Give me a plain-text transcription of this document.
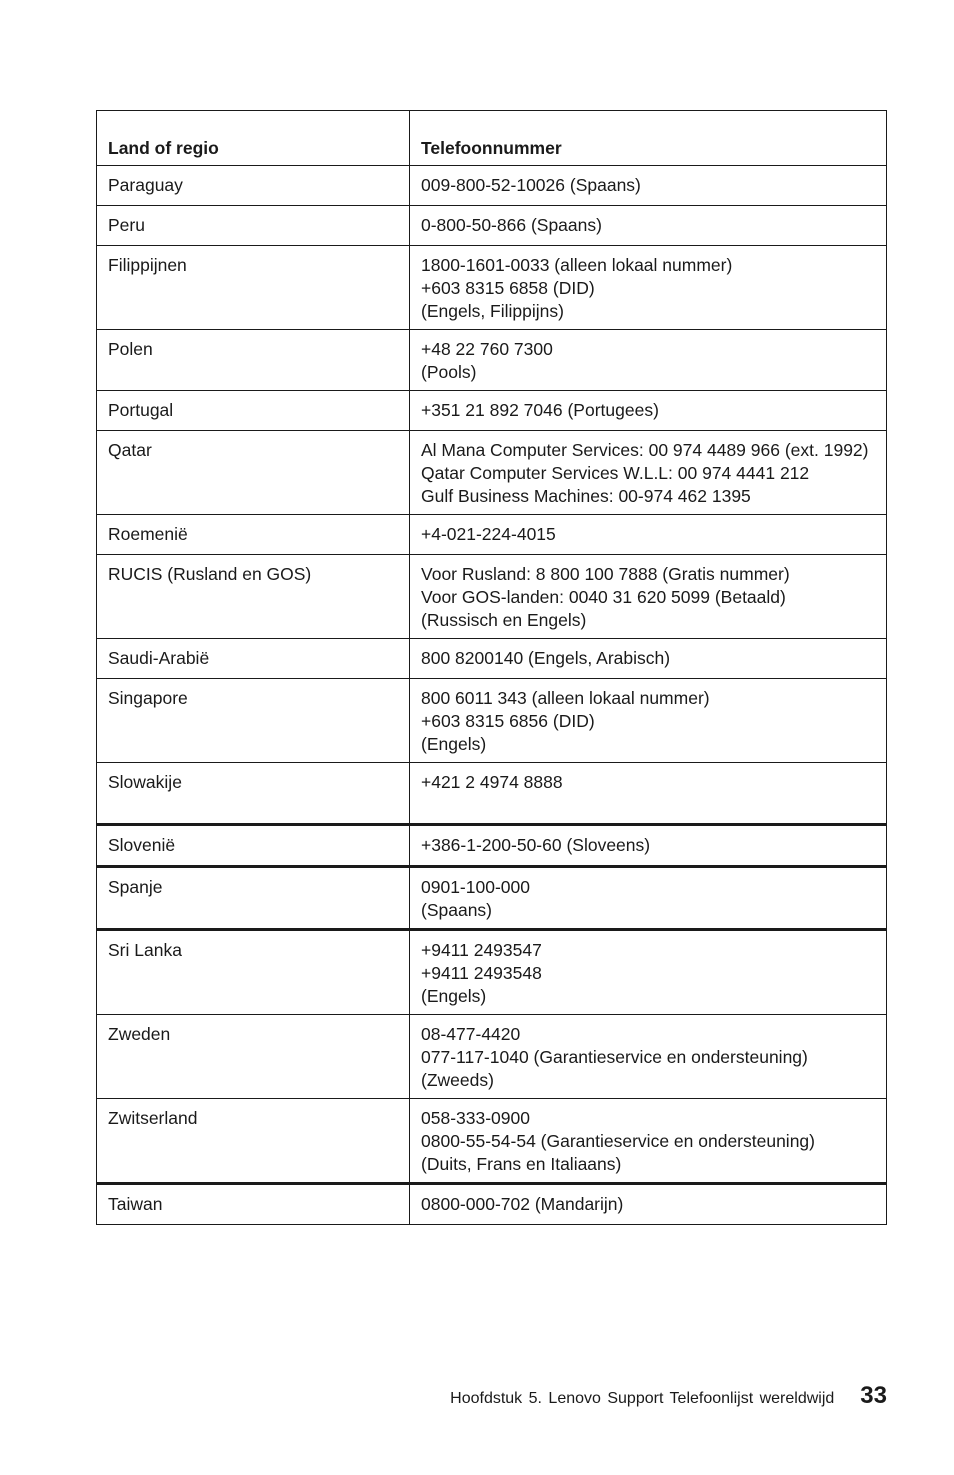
Land of regio	Telefoonnummer
Paraguay	009-800-52-10026 (Spaans)

Peru	0-800-50-866 (Spaans)

Filippijnen	1800-1601-0033 (alleen lokaal nummer)
+603 8315 6858 (DID)
(Engels, Filippijns)

Polen	+48 22 760 7300
(Pools)

Portugal	+351 21 892 7046 (Portugees)

Qatar	Al Mana Computer Services: 00 974 4489 966 (ext. 1992)
Qatar Computer Services W.L.L: 00 974 4441 212
Gulf Business Machines: 00-974 462 1395

Roemenië	+4-021-224-4015

RUCIS (Rusland en GOS)	Voor Rusland: 8 800 100 7888 (Gratis nummer)
Voor GOS-landen: 0040 31 620 5099 (Betaald)
(Russisch en Engels)

Saudi-Arabië	800 8200140 (Engels, Arabisch)

Singapore	800 6011 343 (alleen lokaal nummer)
+603 8315 6856 (DID)
(Engels)

Slowakije	+421 2 4974 8888

Slovenië	+386-1-200-50-60 (Sloveens)

Spanje	0901-100-000
(Spaans)

Sri Lanka	+9411 2493547
+9411 2493548
(Engels)

Zweden	08-477-4420
077-117-1040 (Garantieservice en ondersteuning)
(Zweeds)

Zwitserland	058-333-0900
0800-55-54-54 (Garantieservice en ondersteuning)
(Duits, Frans en Italiaans)

Taiwan	0800-000-702 (Mandarijn)
Hoofdstuk 5. Lenovo Support Telefoonlijst wereldwijd 33
